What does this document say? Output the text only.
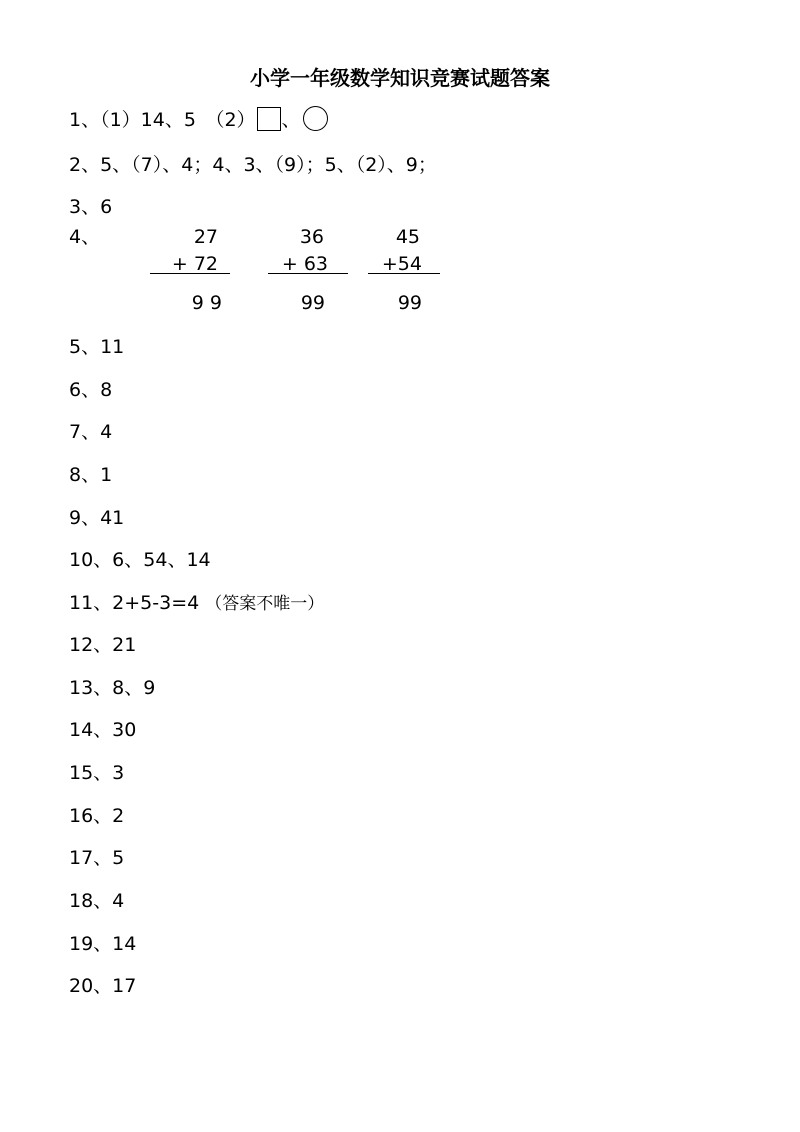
小学一年级数学知识竞赛试题答案
1、（1）14、5　（2） 、
2、5、（7）、4；4、3、（9）；5、（2）、9；
3、6
4、	27
+ 72
9 9
36
+ 63
99
45
+54
99
5、11
6、8
7、4
8、1
9、41
10、6、54、14
11、2+5-3=4 （答案不唯一）
12、21
13、8、9
14、30
15、3
16、2
17、5
18、4
19、14
20、17
